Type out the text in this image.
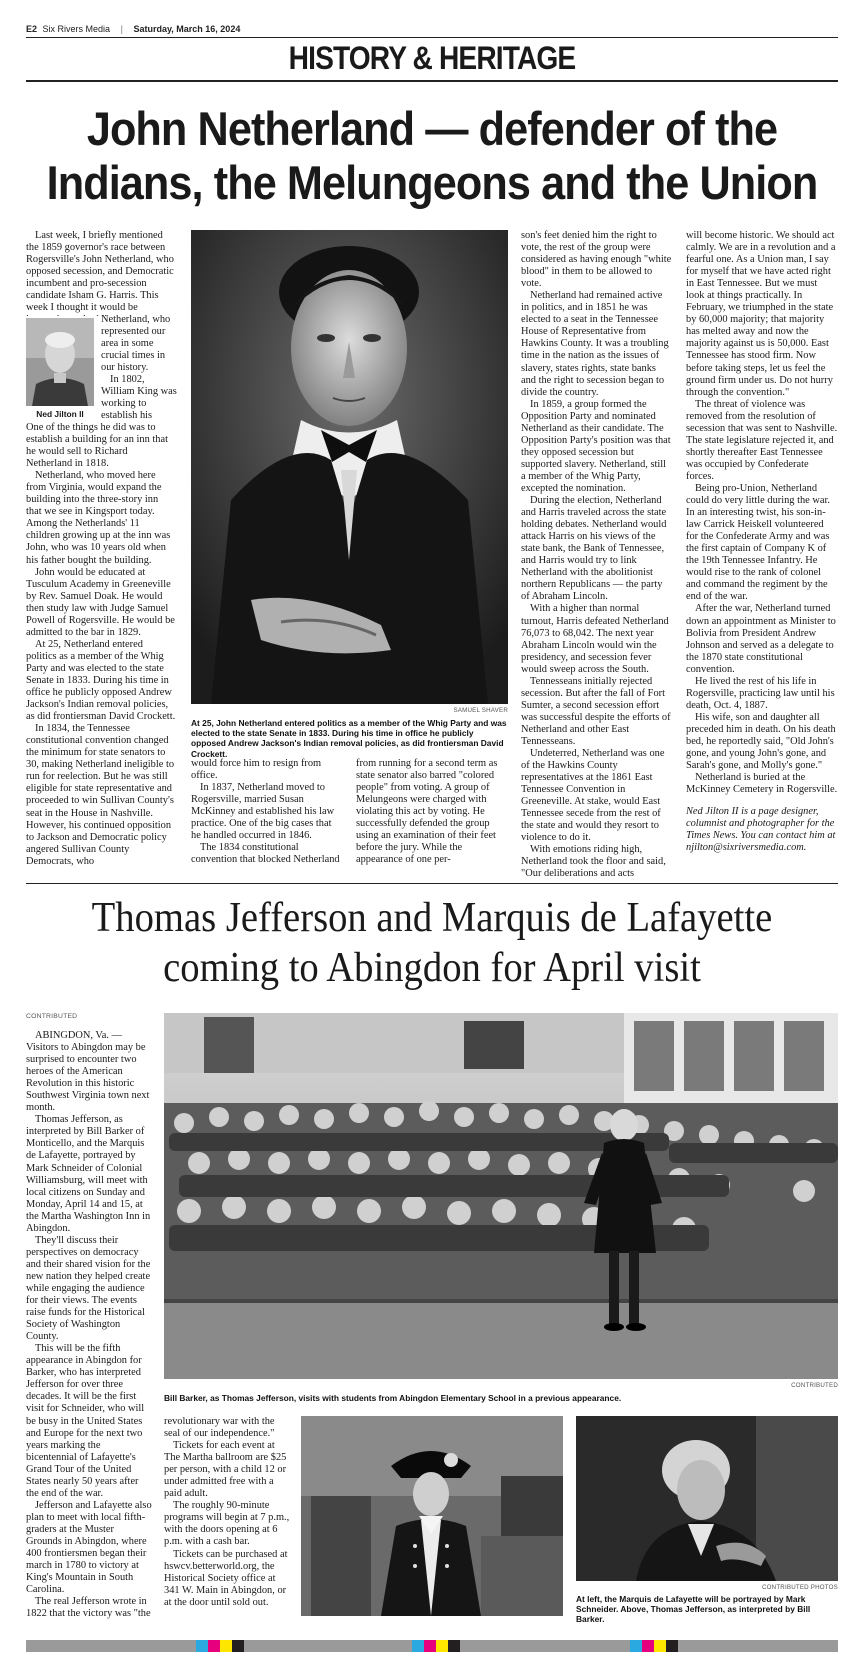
E2 Six Rivers Media | Saturday, March 16, 2024
HISTORY & HERITAGE
John Netherland — defender of the
Indians, the Melungeons and the Union

Last week, I briefly mentioned the 1859 governor's race between Rogersville's John Netherland, who opposed secession, and Democratic incumbent and pro-secession candidate Isham G. Harris. This week I thought it would be

Ned Jilton II

Netherland, who represented our area in some crucial times in our history.

In 1802, William King was working to establish his

One of the things he did was to establish a building for an inn that he would sell to Richard Netherland in 1818.

Netherland, who moved here from Virginia, would expand the building into the three-story inn that we see in Kingsport today. Among the Netherlands' 11 children growing up at the inn was John, who was 10 years old when his father bought the building.

John would be educated at Tusculum Academy in Greeneville by Rev. Samuel Doak. He would then study law with Judge Samuel Powell of Rogersville. He would be admitted to the bar in 1829.

At 25, Netherland entered politics as a member of the Whig Party and was elected to the state Senate in 1833. During his time in office he publicly opposed Andrew Jackson's Indian removal policies, as did frontiersman David Crockett.

In 1834, the Tennessee constitutional convention changed the minimum for state senators to 30, making Netherland ineligible to run for reelection. But he was still eligible for state representative and proceeded to win Sullivan County's seat in the House in Nashville. However, his continued opposition to Jackson and Democratic policy angered Sullivan County Democrats, who

SAMUEL SHAVER
At 25, John Netherland entered politics as a member of the Whig Party and was elected to the state Senate in 1833. During his time in office he publicly opposed Andrew Jackson's Indian removal policies, as did frontiersman David Crockett.

would force him to resign from office.

In 1837, Netherland moved to Rogersville, married Susan McKinney and established his law practice. One of the big cases that he handled occurred in 1846.

The 1834 constitutional convention that blocked Netherland

from running for a second term as state senator also barred "colored people" from voting. A group of Melungeons were charged with violating this act by voting. He successfully defended the group using an examination of their feet before the jury. While the appearance of one per-

son's feet denied him the right to vote, the rest of the group were considered as having enough "white blood" in them to be allowed to vote.

Netherland had remained active in politics, and in 1851 he was elected to a seat in the Tennessee House of Representative from Hawkins County. It was a troubling time in the nation as the issues of slavery, states rights, state banks and the right to secession began to divide the country.

In 1859, a group formed the Opposition Party and nominated Netherland as their candidate. The Opposition Party's position was that they opposed secession but supported slavery. Netherland, still a member of the Whig Party, excepted the nomination.

During the election, Netherland and Harris traveled across the state holding debates. Netherland would attack Harris on his views of the state bank, the Bank of Tennessee, and Harris would try to link Netherland with the abolitionist northern Republicans — the party of Abraham Lincoln.

With a higher than normal turnout, Harris defeated Netherland 76,073 to 68,042. The next year Abraham Lincoln would win the presidency, and secession fever would sweep across the South.

Tennesseans initially rejected secession. But after the fall of Fort Sumter, a second secession effort was successful despite the efforts of Netherland and other East Tennesseans.

Undeterred, Netherland was one of the Hawkins County representatives at the 1861 East Tennessee Convention in Greeneville. At stake, would East Tennessee secede from the rest of the state and would they resort to violence to do it.

With emotions riding high, Netherland took the floor and said, "Our deliberations and acts

will become historic. We should act calmly. We are in a revolution and a fearful one. As a Union man, I say for myself that we have acted right in East Tennessee. But we must look at things practically. In February, we triumphed in the state by 60,000 majority; that majority has melted away and now the majority against us is 50,000. East Tennessee has stood firm. Now before taking steps, let us feel the ground firm under us. Do not hurry through the convention."

The threat of violence was removed from the resolution of secession that was sent to Nashville. The state legislature rejected it, and shortly thereafter East Tennessee was occupied by Confederate forces.

Being pro-Union, Netherland could do very little during the war. In an interesting twist, his son-in-law Carrick Heiskell volunteered for the Confederate Army and was the first captain of Company K of the 19th Tennessee Infantry. He would rise to the rank of colonel and command the regiment by the end of the war.

After the war, Netherland turned down an appointment as Minister to Bolivia from President Andrew Johnson and served as a delegate to the 1870 state constitutional convention.

He lived the rest of his life in Rogersville, practicing law until his death, Oct. 4, 1887.

His wife, son and daughter all preceded him in death. On his death bed, he reportedly said, "Old John's gone, and young John's gone, and Sarah's gone, and Molly's gone."

Netherland is buried at the McKinney Cemetery in Rogersville.

Ned Jilton II is a page designer, columnist and photographer for the Times News. You can contact him at njilton@sixriversmedia.com.

Thomas Jefferson and Marquis de Lafayette
coming to Abingdon for April visit
CONTRIBUTED

ABINGDON, Va. — Visitors to Abingdon may be surprised to encounter two heroes of the American Revolution in this historic Southwest Virginia town next month.

Thomas Jefferson, as interpreted by Bill Barker of Monticello, and the Marquis de Lafayette, portrayed by Mark Schneider of Colonial Williamsburg, will meet with local citizens on Sunday and Monday, April 14 and 15, at the Martha Washington Inn in Abingdon.

They'll discuss their perspectives on democracy and their shared vision for the new nation they helped create while engaging the audience for their views. The events raise funds for the Historical Society of Washington County.

This will be the fifth appearance in Abingdon for Barker, who has interpreted Jefferson for over three decades. It will be the first visit for Schneider, who will be busy in the United States and Europe for the next two years marking the bicentennial of Lafayette's Grand Tour of the United States nearly 50 years after the end of the war.

Jefferson and Lafayette also plan to meet with local fifth-graders at the Muster Grounds in Abingdon, where 400 frontiersmen began their march in 1780 to victory at King's Mountain in South Carolina.

The real Jefferson wrote in 1822 that the victory was "the

CONTRIBUTED
Bill Barker, as Thomas Jefferson, visits with students from Abingdon Elementary School in a previous appearance.

revolutionary war with the seal of our independence."

Tickets for each event at The Martha ballroom are $25 per person, with a child 12 or under admitted free with a paid adult.

The roughly 90-minute programs will begin at 7 p.m., with the doors opening at 6 p.m. with a cash bar.

Tickets can be purchased at hswcv.betterworld.org, the Historical Society office at 341 W. Main in Abingdon, or at the door until sold out.

CONTRIBUTED PHOTOS
At left, the Marquis de Lafayette will be portrayed by Mark Schneider. Above, Thomas Jefferson, as interpreted by Bill Barker.
